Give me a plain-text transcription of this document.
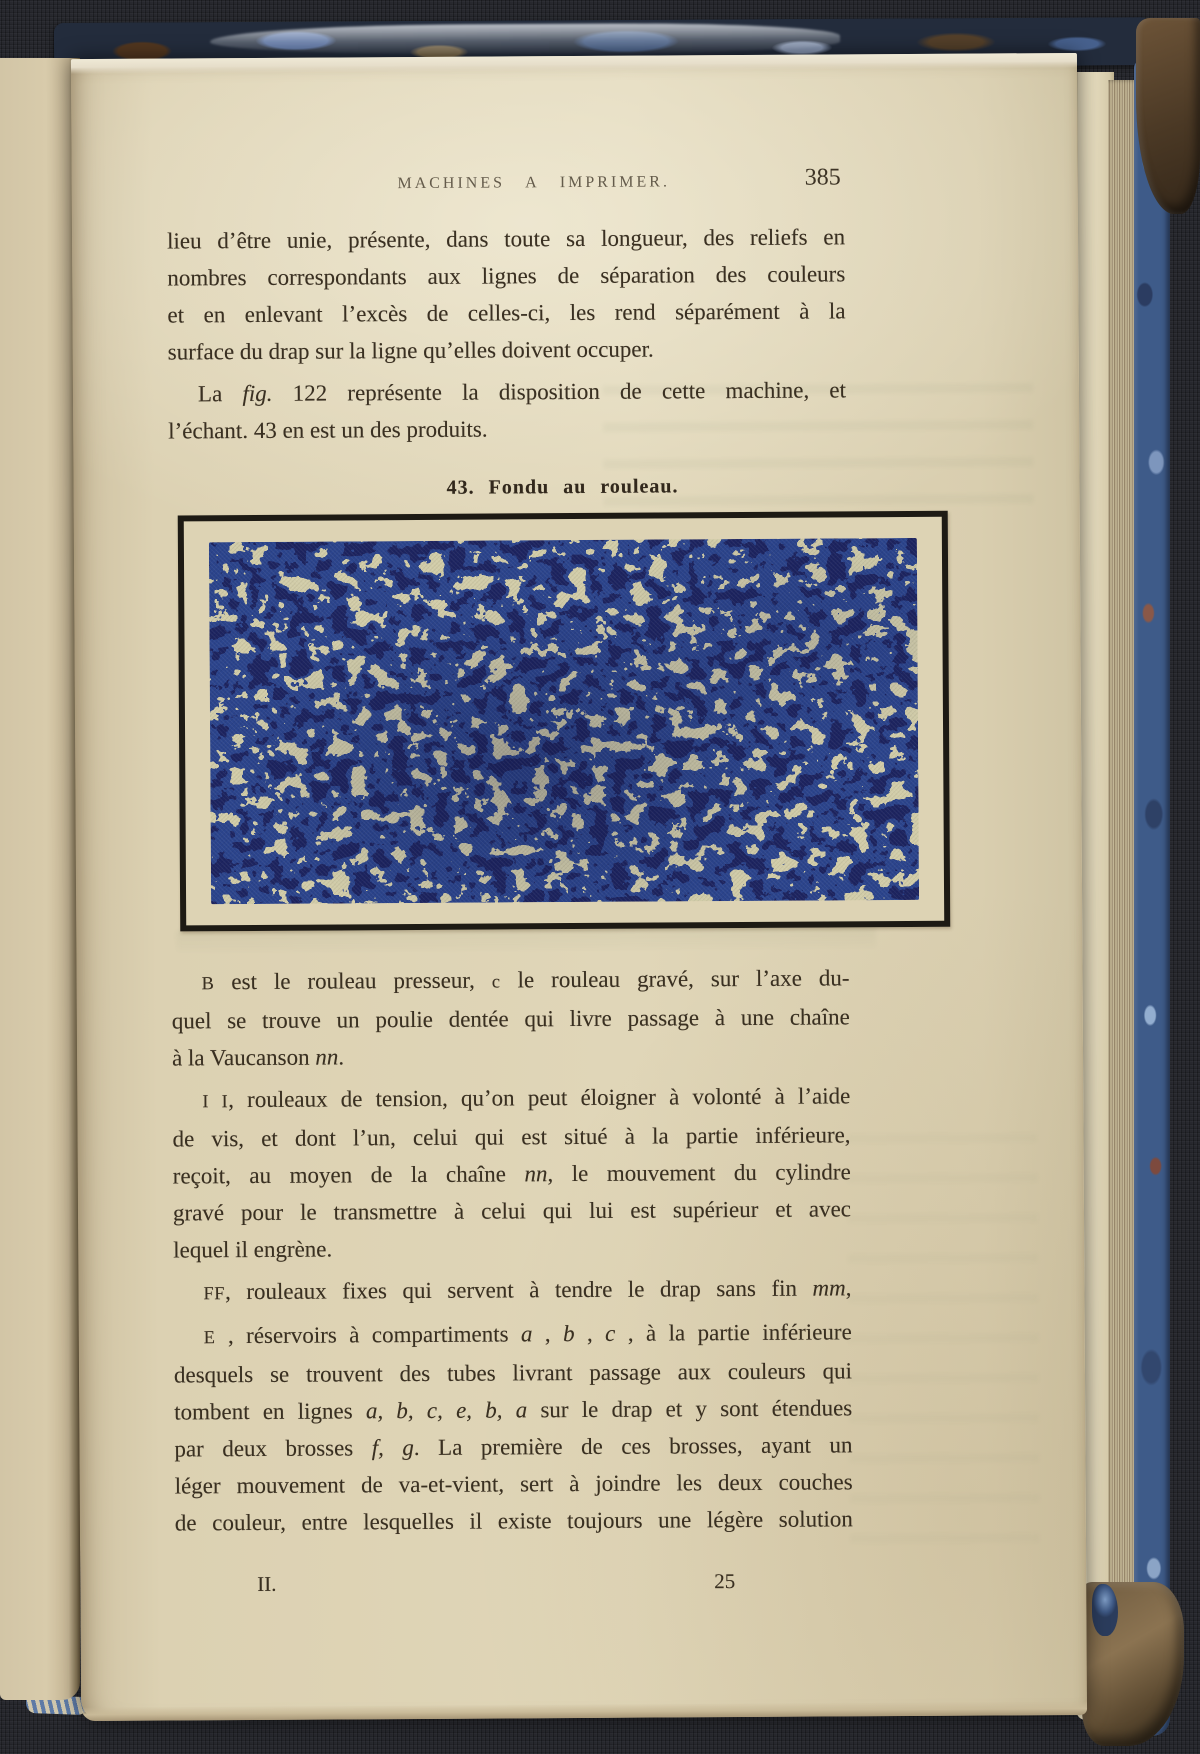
MACHINES A IMPRIMER.	385
lieu d’être unie, présente, dans toute sa longueur, des reliefs en
nombres correspondants aux lignes de séparation des couleurs
et en enlevant l’excès de celles-ci, les rend séparément à la
surface du drap sur la ligne qu’elles doivent occuper.
La fig. 122 représente la disposition de cette machine, et
l’échant. 43 en est un des produits.
43. Fondu au rouleau.
B est le rouleau presseur, c le rouleau gravé, sur l’axe du-
quel se trouve un poulie dentée qui livre passage à une chaîne
à la Vaucanson nn.
I I, rouleaux de tension, qu’on peut éloigner à volonté à l’aide
de vis, et dont l’un, celui qui est situé à la partie inférieure,
reçoit, au moyen de la chaîne nn, le mouvement du cylindre
gravé pour le transmettre à celui qui lui est supérieur et avec
lequel il engrène.
FF, rouleaux fixes qui servent à tendre le drap sans fin mm,
E , réservoirs à compartiments a , b , c , à la partie inférieure
desquels se trouvent des tubes livrant passage aux couleurs qui
tombent en lignes a, b, c, e, b, a sur le drap et y sont étendues
par deux brosses f, g. La première de ces brosses, ayant un
léger mouvement de va-et-vient, sert à joindre les deux couches
de couleur, entre lesquelles il existe toujours une légère solution
II.	25
